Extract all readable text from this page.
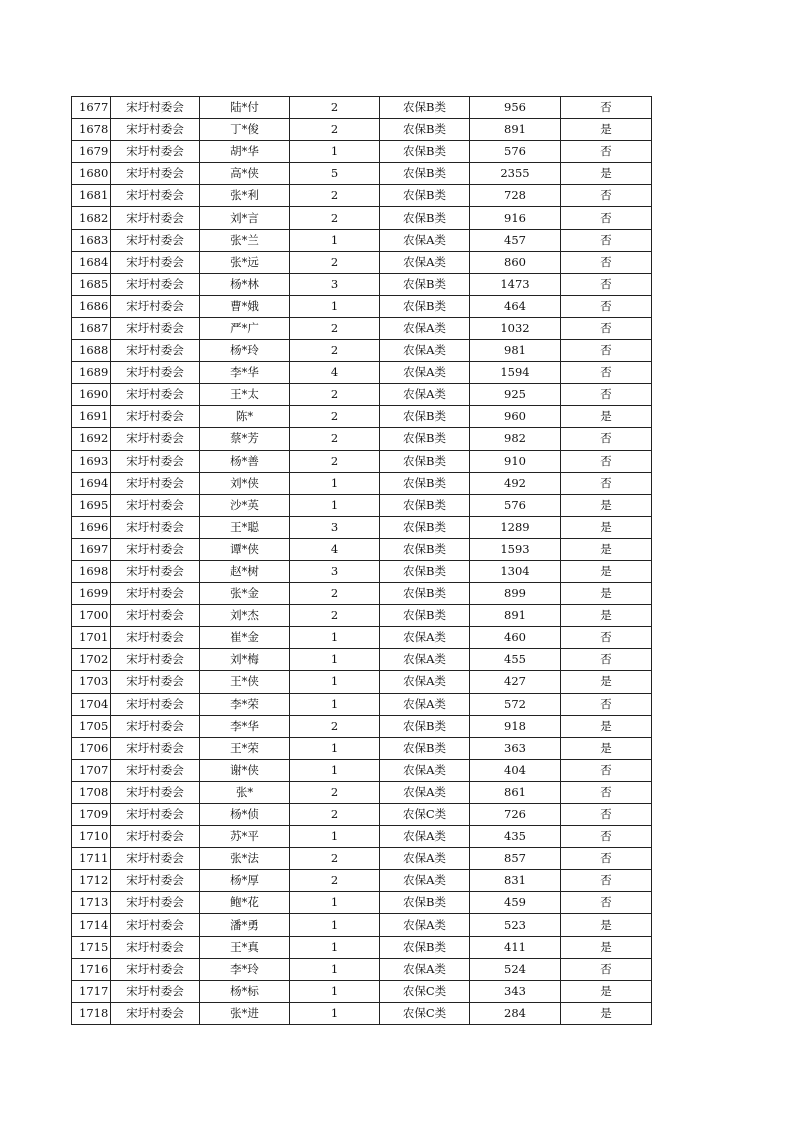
1677	宋圩村委会	陆*付	2	农保B类	956	否
1678	宋圩村委会	丁*俊	2	农保B类	891	是
1679	宋圩村委会	胡*华	1	农保B类	576	否
1680	宋圩村委会	高*侠	5	农保B类	2355	是
1681	宋圩村委会	张*利	2	农保B类	728	否
1682	宋圩村委会	刘*言	2	农保B类	916	否
1683	宋圩村委会	张*兰	1	农保A类	457	否
1684	宋圩村委会	张*远	2	农保A类	860	否
1685	宋圩村委会	杨*林	3	农保B类	1473	否
1686	宋圩村委会	曹*娥	1	农保B类	464	否
1687	宋圩村委会	严*广	2	农保A类	1032	否
1688	宋圩村委会	杨*玲	2	农保A类	981	否
1689	宋圩村委会	李*华	4	农保A类	1594	否
1690	宋圩村委会	王*太	2	农保A类	925	否
1691	宋圩村委会	陈*	2	农保B类	960	是
1692	宋圩村委会	蔡*芳	2	农保B类	982	否
1693	宋圩村委会	杨*善	2	农保B类	910	否
1694	宋圩村委会	刘*侠	1	农保B类	492	否
1695	宋圩村委会	沙*英	1	农保B类	576	是
1696	宋圩村委会	王*聪	3	农保B类	1289	是
1697	宋圩村委会	谭*侠	4	农保B类	1593	是
1698	宋圩村委会	赵*树	3	农保B类	1304	是
1699	宋圩村委会	张*金	2	农保B类	899	是
1700	宋圩村委会	刘*杰	2	农保B类	891	是
1701	宋圩村委会	崔*金	1	农保A类	460	否
1702	宋圩村委会	刘*梅	1	农保A类	455	否
1703	宋圩村委会	王*侠	1	农保A类	427	是
1704	宋圩村委会	李*荣	1	农保A类	572	否
1705	宋圩村委会	李*华	2	农保B类	918	是
1706	宋圩村委会	王*荣	1	农保B类	363	是
1707	宋圩村委会	谢*侠	1	农保A类	404	否
1708	宋圩村委会	张*	2	农保A类	861	否
1709	宋圩村委会	杨*侦	2	农保C类	726	否
1710	宋圩村委会	苏*平	1	农保A类	435	否
1711	宋圩村委会	张*法	2	农保A类	857	否
1712	宋圩村委会	杨*厚	2	农保A类	831	否
1713	宋圩村委会	鲍*花	1	农保B类	459	否
1714	宋圩村委会	潘*勇	1	农保A类	523	是
1715	宋圩村委会	王*真	1	农保B类	411	是
1716	宋圩村委会	李*玲	1	农保A类	524	否
1717	宋圩村委会	杨*标	1	农保C类	343	是
1718	宋圩村委会	张*进	1	农保C类	284	是
